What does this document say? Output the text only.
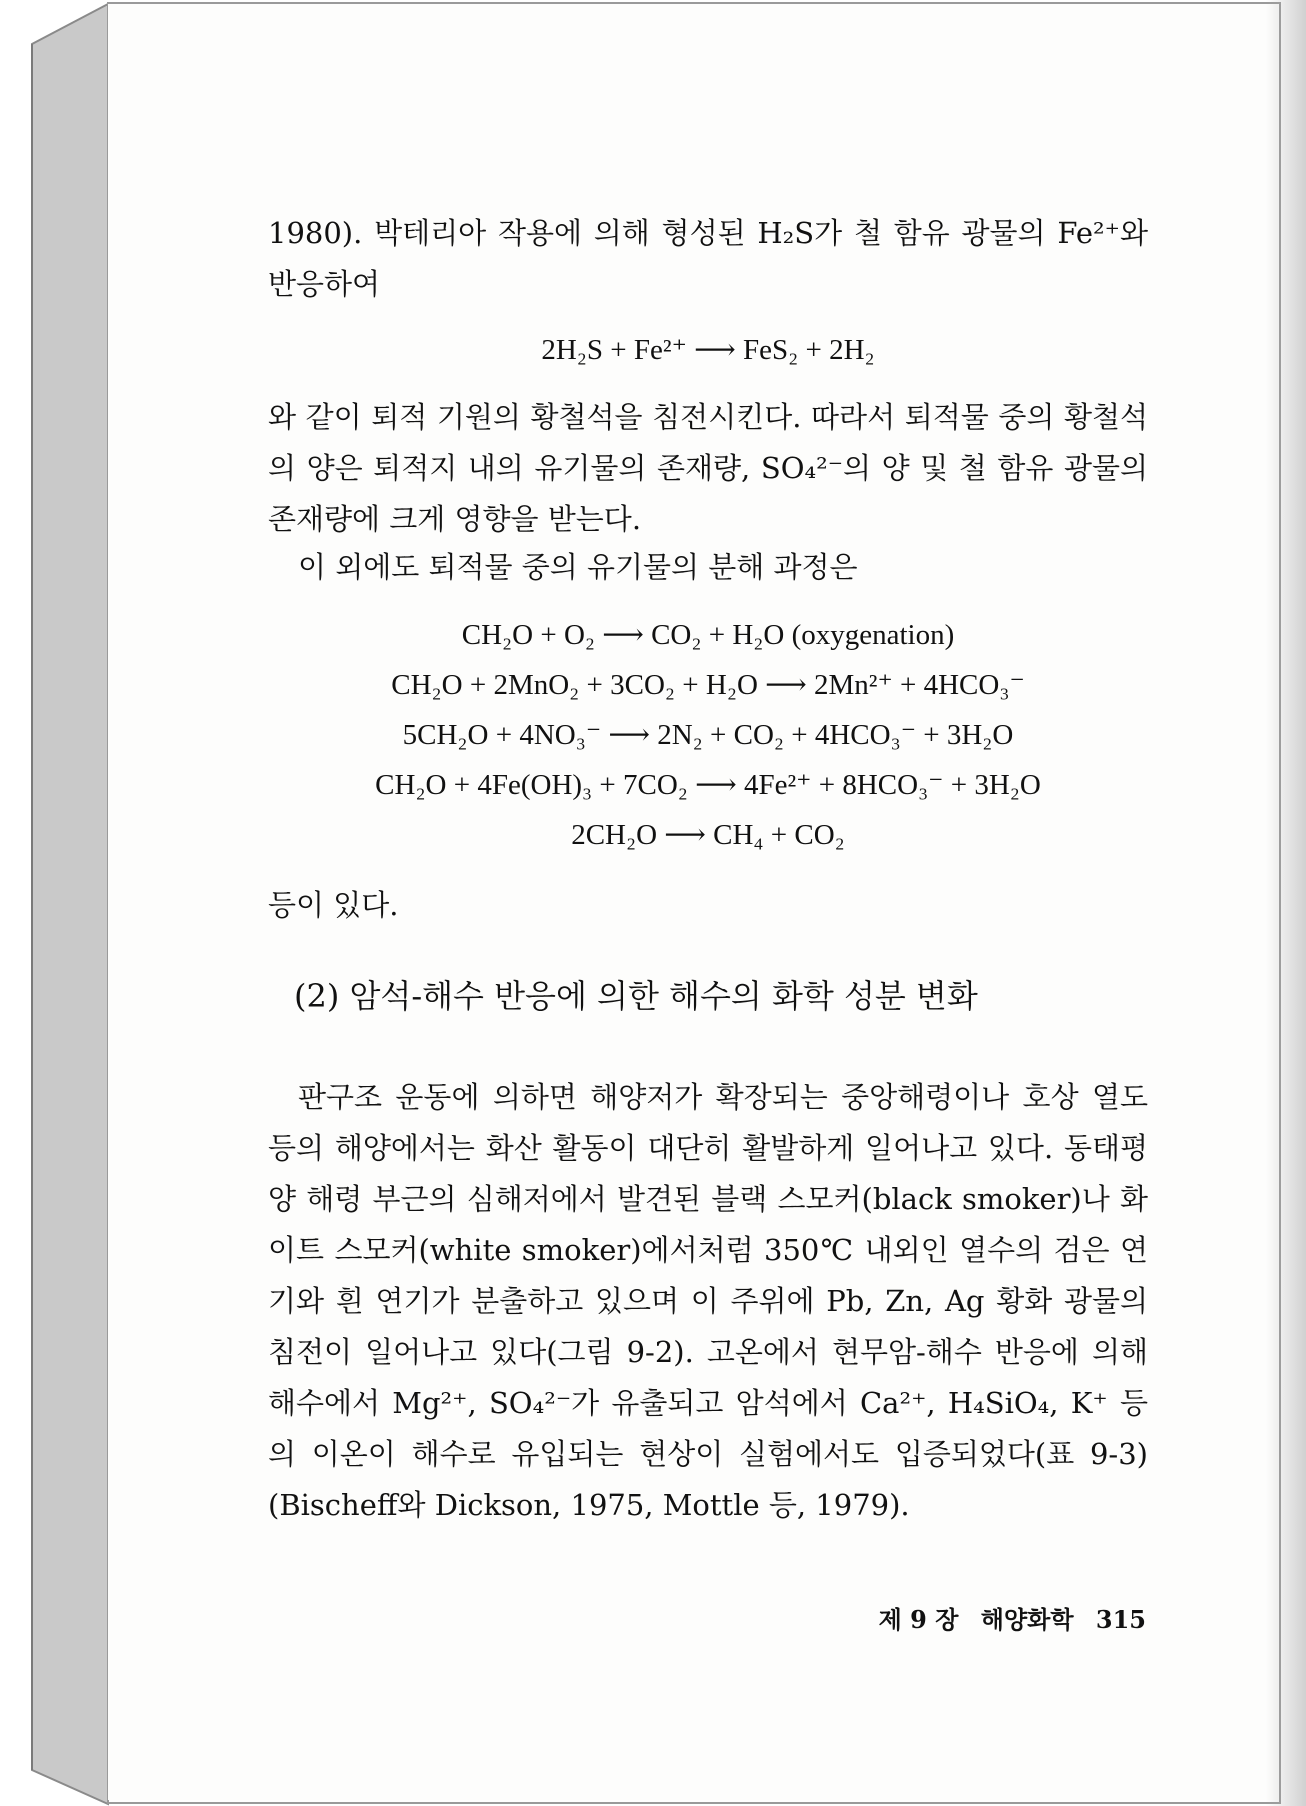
1980). 박테리아 작용에 의해 형성된 H₂S가 철 함유 광물의 Fe²⁺와 반응하여
2H₂S + Fe²⁺ ⟶ FeS₂ + 2H₂
와 같이 퇴적 기원의 황철석을 침전시킨다. 따라서 퇴적물 중의 황철석의 양은 퇴적지 내의 유기물의 존재량, SO₄²⁻의 양 및 철 함유 광물의 존재량에 크게 영향을 받는다.
이 외에도 퇴적물 중의 유기물의 분해 과정은
CH₂O + O₂ ⟶ CO₂ + H₂O (oxygenation)
CH₂O + 2MnO₂ + 3CO₂ + H₂O ⟶ 2Mn²⁺ + 4HCO₃⁻
5CH₂O + 4NO₃⁻ ⟶ 2N₂ + CO₂ + 4HCO₃⁻ + 3H₂O
CH₂O + 4Fe(OH)₃ + 7CO₂ ⟶ 4Fe²⁺ + 8HCO₃⁻ + 3H₂O
2CH₂O ⟶ CH₄ + CO₂
등이 있다.
(2) 암석-해수 반응에 의한 해수의 화학 성분 변화
판구조 운동에 의하면 해양저가 확장되는 중앙해령이나 호상 열도 등의 해양에서는 화산 활동이 대단히 활발하게 일어나고 있다. 동태평양 해령 부근의 심해저에서 발견된 블랙 스모커(black smoker)나 화이트 스모커(white smoker)에서처럼 350℃ 내외인 열수의 검은 연기와 흰 연기가 분출하고 있으며 이 주위에 Pb, Zn, Ag 황화 광물의 침전이 일어나고 있다(그림 9-2). 고온에서 현무암-해수 반응에 의해 해수에서 Mg²⁺, SO₄²⁻가 유출되고 암석에서 Ca²⁺, H₄SiO₄, K⁺ 등의 이온이 해수로 유입되는 현상이 실험에서도 입증되었다(표 9-3)(Bischeff와 Dickson, 1975, Mottle 등, 1979).
제 9 장 해양화학 315
